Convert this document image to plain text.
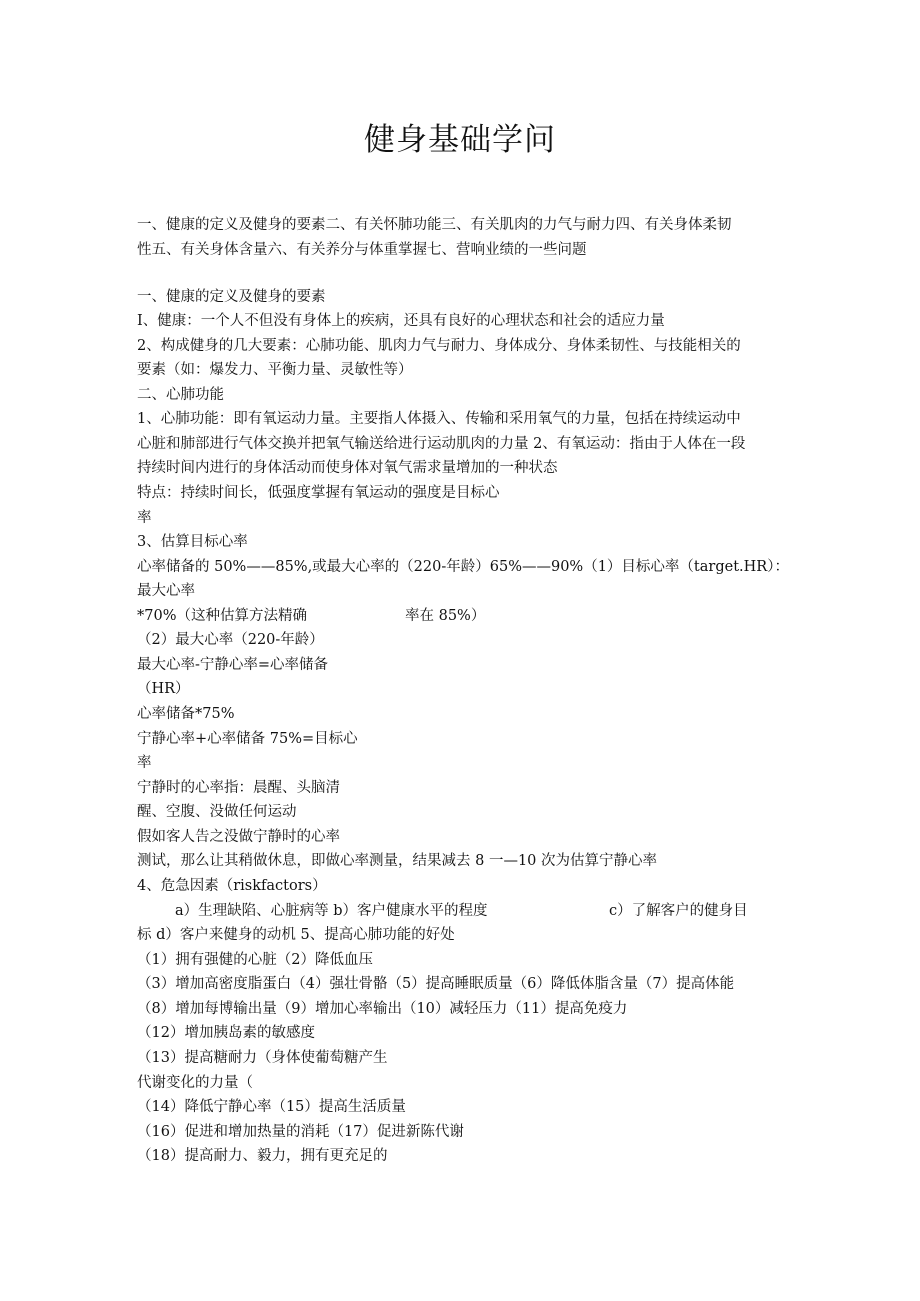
健身基础学问
一、健康的定义及健身的要素二、有关怀肺功能三、有关肌肉的力气与耐力四、有关身体柔韧
性五、有关身体含量六、有关养分与体重掌握七、营响业绩的一些问题
一、健康的定义及健身的要素
I、健康：一个人不但没有身体上的疾病，还具有良好的心理状态和社会的适应力量
2、构成健身的几大要素：心肺功能、肌肉力气与耐力、身体成分、身体柔韧性、与技能相关的
要素（如：爆发力、平衡力量、灵敏性等）
二、心肺功能
1、心肺功能：即有氧运动力量。主要指人体摄入、传输和采用氧气的力量，包括在持续运动中
心脏和肺部进行气体交换并把氧气输送给进行运动肌肉的力量 2、有氧运动：指由于人体在一段
持续时间内进行的身体活动而使身体对氧气需求量增加的一种状态
特点：持续时间长，低强度掌握有氧运动的强度是目标心
率
3、估算目标心率
心率储备的 50%——85%,或最大心率的（220-年龄）65%——90%（1）目标心率（target.HR）：
最大心率
*70%（这种估算方法精确	率在 85%）
（2）最大心率（220-年龄）
最大心率-宁静心率=心率储备
（HR）
心率储备*75%
宁静心率+心率储备 75%=目标心
率
宁静时的心率指：晨醒、头脑清
醒、空腹、没做任何运动
假如客人告之没做宁静时的心率
测试，那么让其稍做休息，即做心率测量，结果减去 8 一—10 次为估算宁静心率
4、危急因素（riskfactors）
a）生理缺陷、心脏病等 b）客户健康水平的程度	c）了解客户的健身目
标 d）客户来健身的动机 5、提高心肺功能的好处
（1）拥有强健的心脏（2）降低血压
（3）增加高密度脂蛋白（4）强壮骨骼（5）提高睡眠质量（6）降低体脂含量（7）提高体能
（8）增加每博输出量（9）增加心率输出（10）减轻压力（11）提高免疫力
（12）增加胰岛素的敏感度
（13）提高糖耐力（身体使葡萄糖产生
代谢变化的力量（
（14）降低宁静心率（15）提高生活质量
（16）促进和增加热量的消耗（17）促进新陈代谢
（18）提高耐力、毅力，拥有更充足的
